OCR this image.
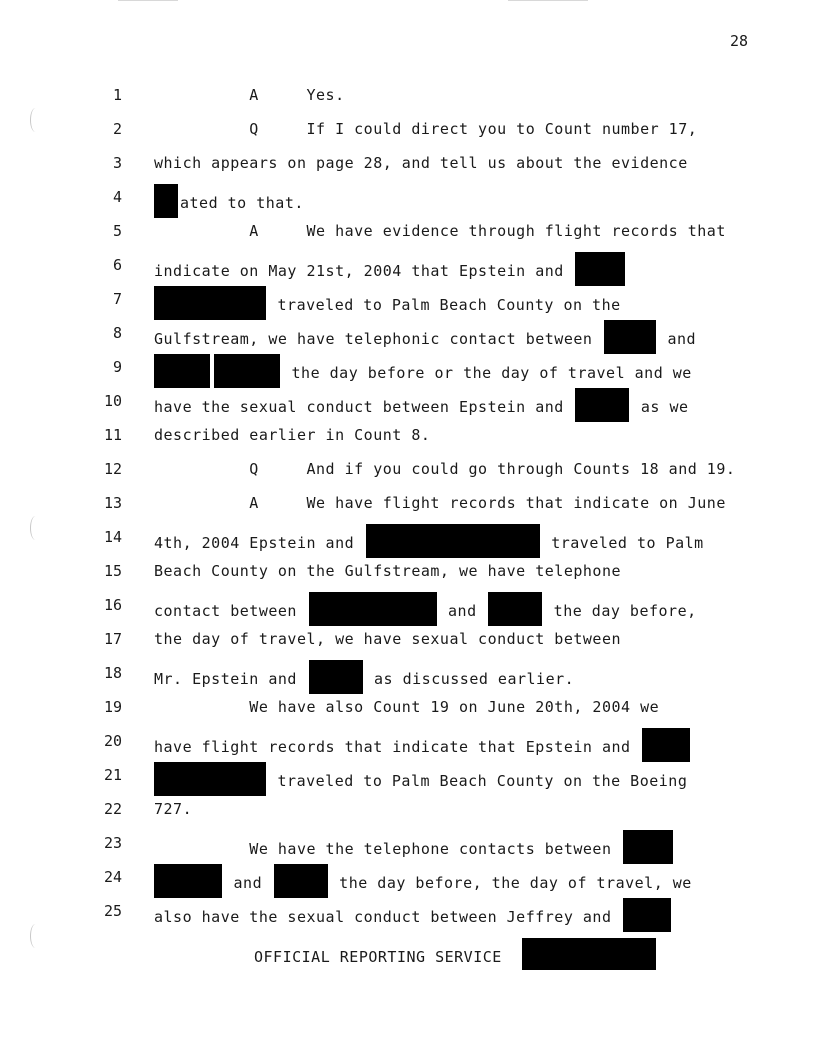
28
1 A     Yes.
2 Q     If I could direct you to Count number 17,
3 which appears on page 28, and tell us about the evidence
4	ated to that.
5 A     We have evidence through flight records that
6 indicate on May 21st, 2004 that Epstein and
7	traveled to Palm Beach County on the
8 Gulfstream, we have telephonic contact between	and
9	the day before or the day of travel and we
10 have the sexual conduct between Epstein and	as we
11 described earlier in Count 8.
12 Q     And if you could go through Counts 18 and 19.
13 A     We have flight records that indicate on June
14 4th, 2004 Epstein and	traveled to Palm
15 Beach County on the Gulfstream, we have telephone
16 contact between	and	the day before,
17 the day of travel, we have sexual conduct between
18 Mr. Epstein and	as discussed earlier.
19 We have also Count 19 on June 20th, 2004 we
20 have flight records that indicate that Epstein and
21	traveled to Palm Beach County on the Boeing
22 727.
23 We have the telephone contacts between
24	and	the day before, the day of travel, we
25 also have the sexual conduct between Jeffrey and
OFFICIAL REPORTING SERVICE
